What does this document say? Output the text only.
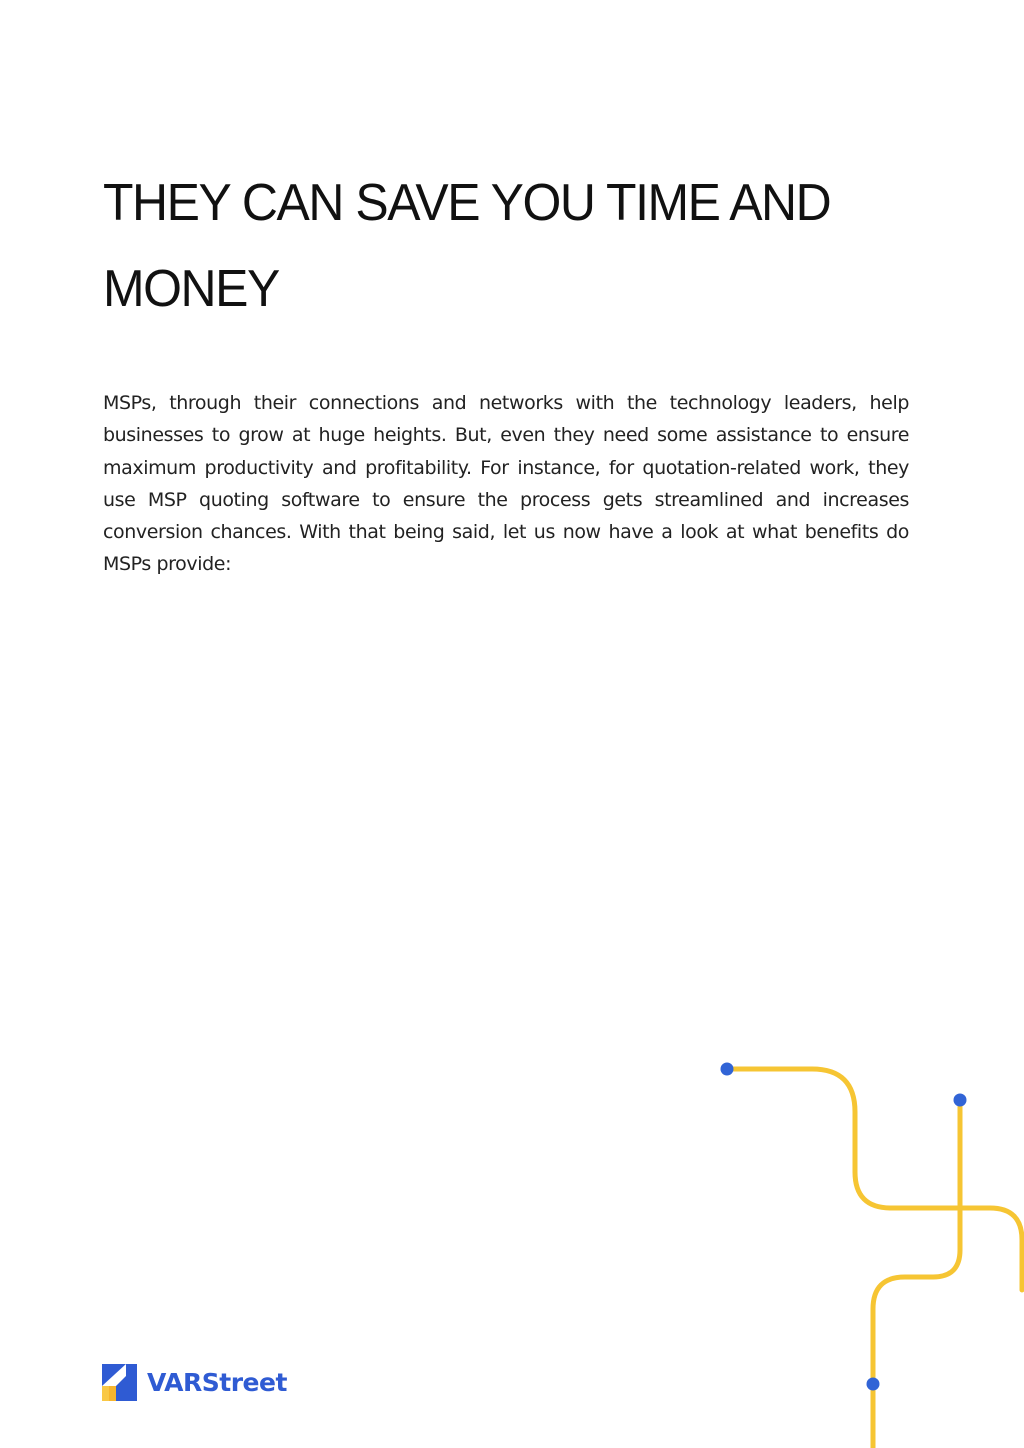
THEY CAN SAVE YOU TIME AND MONEY

MSPs, through their connections and networks with the technology leaders, help businesses to grow at huge heights. But, even they need some assistance to ensure maximum productivity and profitability. For instance, for quotation-related work, they use MSP quoting software to ensure the process gets streamlined and increases conversion chances. With that being said, let us now have a look at what benefits do MSPs provide:

VARStreet
